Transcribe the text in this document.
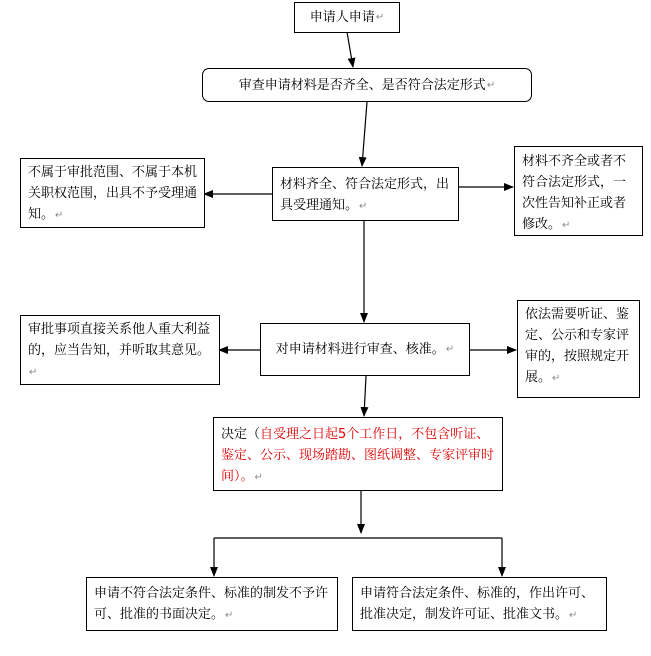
申请人申请 ↵
审查申请材料是否齐全、是否符合法定形式 ↵
材料齐全、符合法定形式，出具受理通知。↵
不属于审批范围、不属于本机关职权范围，出具不予受理通知。↵
材料不齐全或者不符合法定形式，一次性告知补正或者修改。↵
对申请材料进行审查、核准。 ↵
审批事项直接关系他人重大利益的，应当告知，并听取其意见。↵
依法需要听证、鉴定、公示和专家评审的，按照规定开展。↵
决定（自受理之日起5个工作日，不包含听证、鉴定、公示、现场踏勘、图纸调整、专家评审时间）。↵
申请不符合法定条件、标准的制发不予许可、批准的书面决定。↵
申请符合法定条件、标准的，作出许可、批准决定，制发许可证、批准文书。↵
